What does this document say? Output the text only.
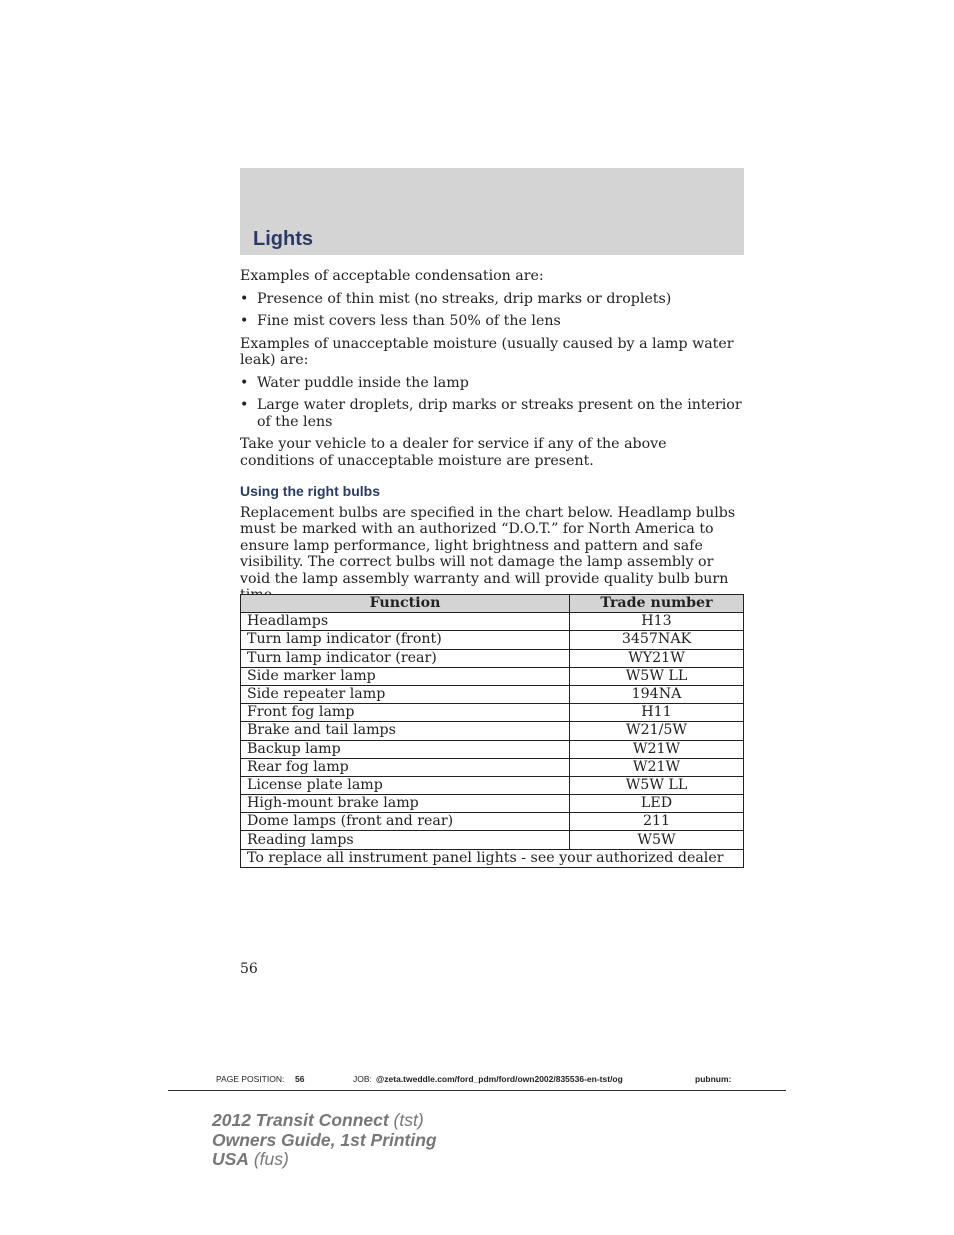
Lights

Examples of acceptable condensation are:

• Presence of thin mist (no streaks, drip marks or droplets)
• Fine mist covers less than 50% of the lens

Examples of unacceptable moisture (usually caused by a lamp water leak) are:

• Water puddle inside the lamp
• Large water droplets, drip marks or streaks present on the interior of the lens

Take your vehicle to a dealer for service if any of the above conditions of unacceptable moisture are present.

Using the right bulbs

Replacement bulbs are specified in the chart below. Headlamp bulbs must be marked with an authorized “D.O.T.” for North America to ensure lamp performance, light brightness and pattern and safe visibility. The correct bulbs will not damage the lamp assembly or void the lamp assembly warranty and will provide quality bulb burn

Function	Trade number
Headlamps	H13
Turn lamp indicator (front)	3457NAK
Turn lamp indicator (rear)	WY21W
Side marker lamp	W5W LL
Side repeater lamp	194NA
Front fog lamp	H11
Brake and tail lamps	W21/5W
Backup lamp	W21W
Rear fog lamp	W21W
License plate lamp	W5W LL
High-mount brake lamp	LED
Dome lamps (front and rear)	211
Reading lamps	W5W
To replace all instrument panel lights - see your authorized dealer	
56
PAGE POSITION: 56	JOB: @zeta.tweddle.com/ford_pdm/ford/own2002/835536-en-tst/og	pubnum:
2012 Transit Connect (tst)
Owners Guide, 1st Printing
USA (fus)
